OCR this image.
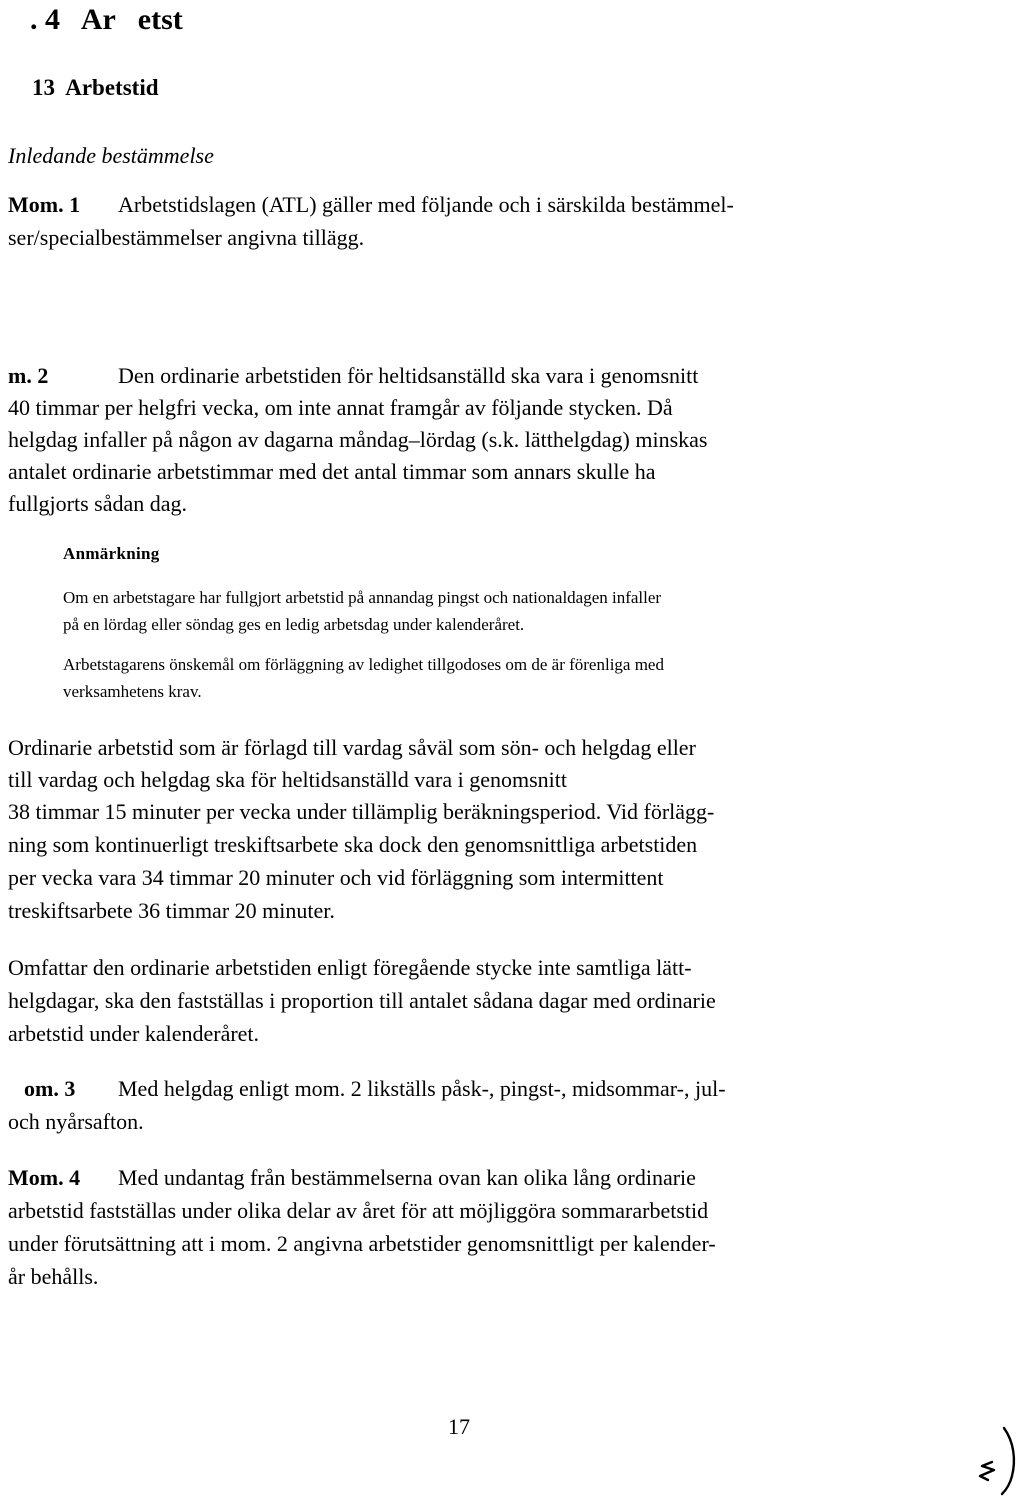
. 4   Ar   etst
13  Arbetstid
Inledande bestämmelse
Mom. 1 Arbetstidslagen (ATL) gäller med följande och i särskilda bestämmel-
ser/specialbestämmelser angivna tillägg.
m. 2	Den ordinarie arbetstiden för heltidsanställd ska vara i genomsnitt
40 timmar per helgfri vecka, om inte annat framgår av följande stycken. Då
helgdag infaller på någon av dagarna måndag–lördag (s.k. lätthelgdag) minskas
antalet ordinarie arbetstimmar med det antal timmar som annars skulle ha
fullgjorts sådan dag.
Anmärkning
Om en arbetstagare har fullgjort arbetstid på annandag pingst och nationaldagen infaller
på en lördag eller söndag ges en ledig arbetsdag under kalenderåret.
Arbetstagarens önskemål om förläggning av ledighet tillgodoses om de är förenliga med
verksamhetens krav.
Ordinarie arbetstid som är förlagd till vardag såväl som sön- och helgdag eller
till vardag och helgdag ska för heltidsanställd vara i genomsnitt
38 timmar 15 minuter per vecka under tillämplig beräkningsperiod. Vid förlägg-
ning som kontinuerligt treskiftsarbete ska dock den genomsnittliga arbetstiden
per vecka vara 34 timmar 20 minuter och vid förläggning som intermittent
treskiftsarbete 36 timmar 20 minuter.
Omfattar den ordinarie arbetstiden enligt föregående stycke inte samtliga lätt-
helgdagar, ska den fastställas i proportion till antalet sådana dagar med ordinarie
arbetstid under kalenderåret.
om. 3 Med helgdag enligt mom. 2 likställs påsk-, pingst-, midsommar-, jul-
och nyårsafton.
Mom. 4 Med undantag från bestämmelserna ovan kan olika lång ordinarie
arbetstid fastställas under olika delar av året för att möjliggöra sommararbetstid
under förutsättning att i mom. 2 angivna arbetstider genomsnittligt per kalender-
år behålls.
17
